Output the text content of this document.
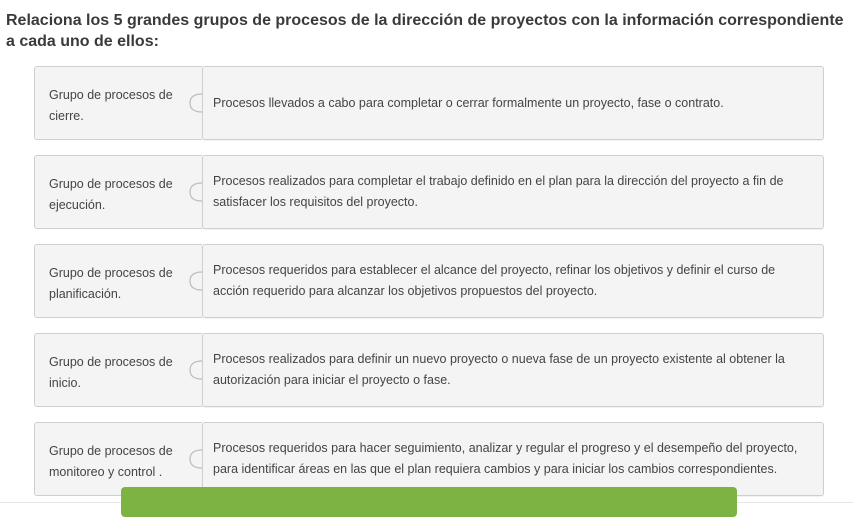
Relaciona los 5 grandes grupos de procesos de la dirección de proyectos con la información correspondiente a cada uno de ellos:
Grupo de procesos de cierre.
Procesos llevados a cabo para completar o cerrar formalmente un proyecto, fase o contrato.
Grupo de procesos de ejecución.
Procesos realizados para completar el trabajo definido en el plan para la dirección del proyecto a fin de satisfacer los requisitos del proyecto.
Grupo de procesos de planificación.
Procesos requeridos para establecer el alcance del proyecto, refinar los objetivos y definir el curso de acción requerido para alcanzar los objetivos propuestos del proyecto.
Grupo de procesos de inicio.
Procesos realizados para definir un nuevo proyecto o nueva fase de un proyecto existente al obtener la autorización para iniciar el proyecto o fase.
Grupo de procesos de monitoreo y control .
Procesos requeridos para hacer seguimiento, analizar y regular el progreso y el desempeño del proyecto, para identificar áreas en las que el plan requiera cambios y para iniciar los cambios correspondientes.
